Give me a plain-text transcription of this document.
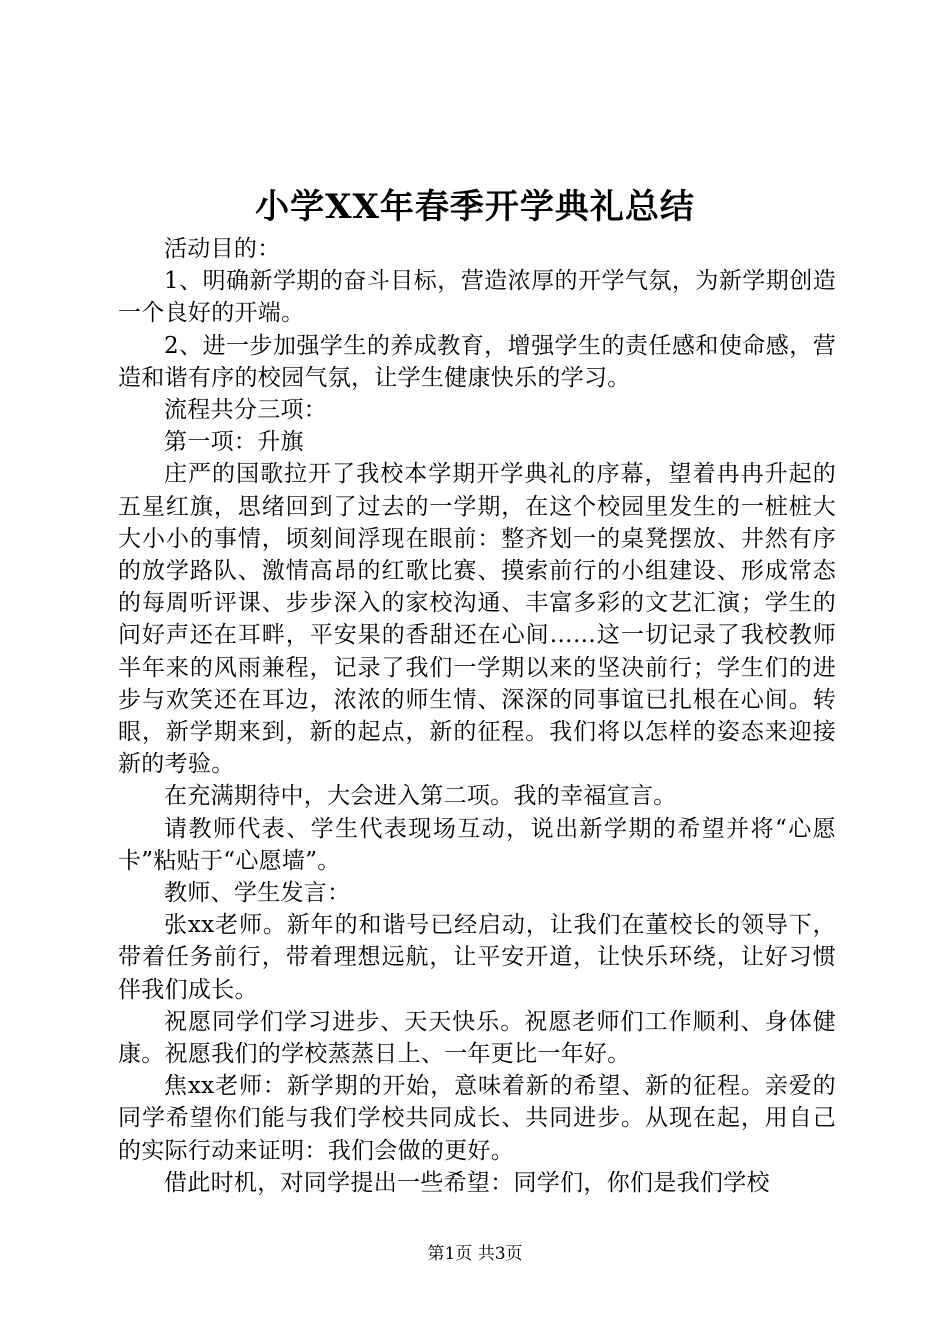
小学XX年春季开学典礼总结

活动目的：

1、明确新学期的奋斗目标，营造浓厚的开学气氛，为新学期创造一个良好的开端。

2、进一步加强学生的养成教育，增强学生的责任感和使命感，营造和谐有序的校园气氛，让学生健康快乐的学习。

流程共分三项：

第一项：升旗

庄严的国歌拉开了我校本学期开学典礼的序幕，望着冉冉升起的五星红旗，思绪回到了过去的一学期，在这个校园里发生的一桩桩大大小小的事情，顷刻间浮现在眼前：整齐划一的桌凳摆放、井然有序的放学路队、激情高昂的红歌比赛、摸索前行的小组建设、形成常态的每周听评课、步步深入的家校沟通、丰富多彩的文艺汇演；学生的问好声还在耳畔，平安果的香甜还在心间……这一切记录了我校教师半年来的风雨兼程，记录了我们一学期以来的坚决前行；学生们的进步与欢笑还在耳边，浓浓的师生情、深深的同事谊已扎根在心间。转眼，新学期来到，新的起点，新的征程。我们将以怎样的姿态来迎接新的考验。

在充满期待中，大会进入第二项。我的幸福宣言。

请教师代表、学生代表现场互动，说出新学期的希望并将“心愿卡”粘贴于“心愿墙”。

教师、学生发言：

张xx老师。新年的和谐号已经启动，让我们在董校长的领导下，带着任务前行，带着理想远航，让平安开道，让快乐环绕，让好习惯伴我们成长。

祝愿同学们学习进步、天天快乐。祝愿老师们工作顺利、身体健康。祝愿我们的学校蒸蒸日上、一年更比一年好。

焦xx老师：新学期的开始，意味着新的希望、新的征程。亲爱的同学希望你们能与我们学校共同成长、共同进步。从现在起，用自己的实际行动来证明：我们会做的更好。

借此时机，对同学提出一些希望：同学们，你们是我们学校

第1页 共3页
